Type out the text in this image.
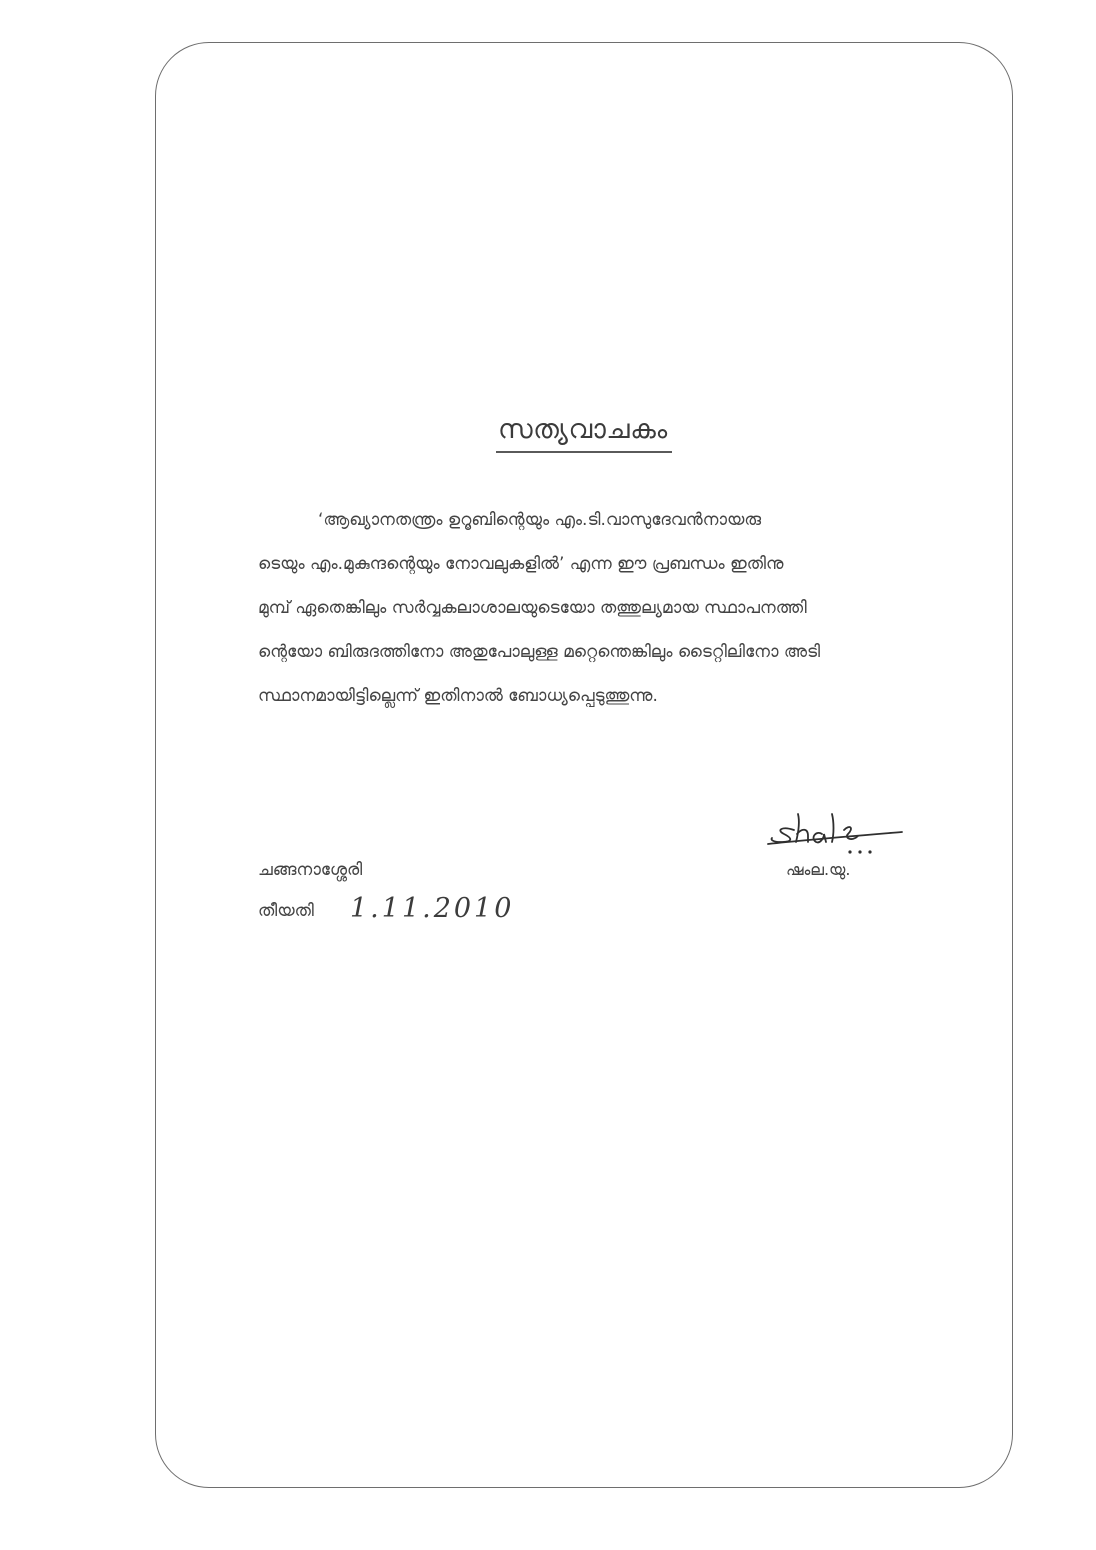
സത്യവാചകം
‘ആഖ്യാനതന്ത്രം ഉറൂബിന്റെയും എം.ടി.വാസുദേവൻനായരു
ടെയും എം.മുകുന്ദന്റെയും നോവലുകളിൽ’ എന്ന ഈ പ്രബന്ധം ഇതിനു
മുമ്പ് ഏതെങ്കിലും സർവ്വകലാശാലയുടെയോ തത്തുല്യമായ സ്ഥാപനത്തി
ന്റെയോ ബിരുദത്തിനോ അതുപോലുള്ള മറ്റെന്തെങ്കിലും ടൈറ്റിലിനോ അടി
സ്ഥാനമായിട്ടില്ലെന്ന് ഇതിനാൽ ബോധ്യപ്പെടുത്തുന്നു.
ചങ്ങനാശ്ശേരി
തീയതി 1.11.2010
ഷംല.യു.
